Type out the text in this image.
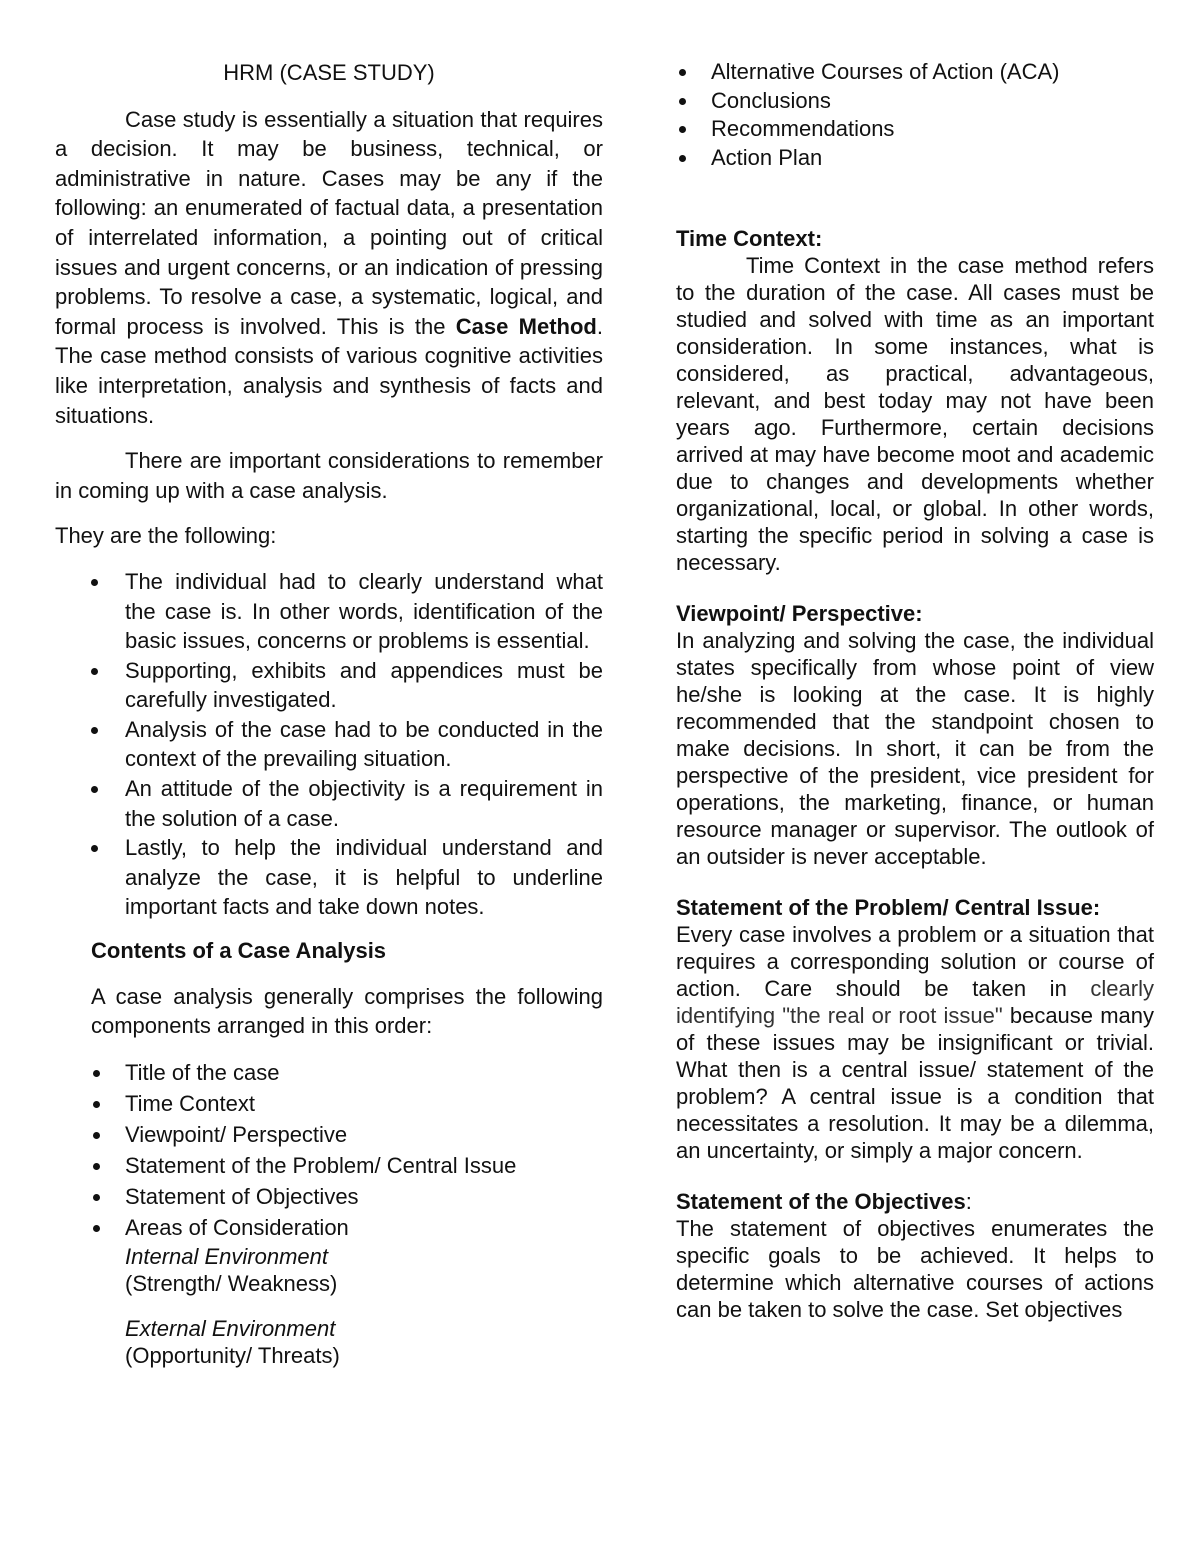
HRM (CASE STUDY)

Case study is essentially a situation that requires a decision. It may be business, technical, or administrative in nature. Cases may be any if the following: an enumerated of factual data, a presentation of interrelated information, a pointing out of critical issues and urgent concerns, or an indication of pressing problems. To resolve a case, a systematic, logical, and formal process is involved. This is the Case Method. The case method consists of various cognitive activities like interpretation, analysis and synthesis of facts and situations.

There are important considerations to remember in coming up with a case analysis.

They are the following:

The individual had to clearly understand what the case is. In other words, identification of the basic issues, concerns or problems is essential.
Supporting, exhibits and appendices must be carefully investigated.
Analysis of the case had to be conducted in the context of the prevailing situation.
An attitude of the objectivity is a requirement in the solution of a case.
Lastly, to help the individual understand and analyze the case, it is helpful to underline important facts and take down notes.
Contents of a Case Analysis

A case analysis generally comprises the following components arranged in this order:

Title of the case
Time Context
Viewpoint/ Perspective
Statement of the Problem/ Central Issue
Statement of Objectives
Areas of Consideration
Internal Environment
(Strength/ Weakness)
External Environment
(Opportunity/ Threats)
Alternative Courses of Action (ACA)
Conclusions
Recommendations
Action Plan
Time Context:

Time Context in the case method refers to the duration of the case. All cases must be studied and solved with time as an important consideration. In some instances, what is considered, as practical, advantageous, relevant, and best today may not have been years ago. Furthermore, certain decisions arrived at may have become moot and academic due to changes and developments whether organizational, local, or global. In other words, starting the specific period in solving a case is necessary.

Viewpoint/ Perspective:

In analyzing and solving the case, the individual states specifically from whose point of view he/she is looking at the case. It is highly recommended that the standpoint chosen to make decisions. In short, it can be from the perspective of the president, vice president for operations, the marketing, finance, or human resource manager or supervisor. The outlook of an outsider is never acceptable.

Statement of the Problem/ Central Issue:

Every case involves a problem or a situation that requires a corresponding solution or course of action. Care should be taken in clearly identifying "the real or root issue" because many of these issues may be insignificant or trivial. What then is a central issue/ statement of the problem? A central issue is a condition that necessitates a resolution. It may be a dilemma, an uncertainty, or simply a major concern.

Statement of the Objectives:

The statement of objectives enumerates the specific goals to be achieved. It helps to determine which alternative courses of actions can be taken to solve the case. Set objectives
